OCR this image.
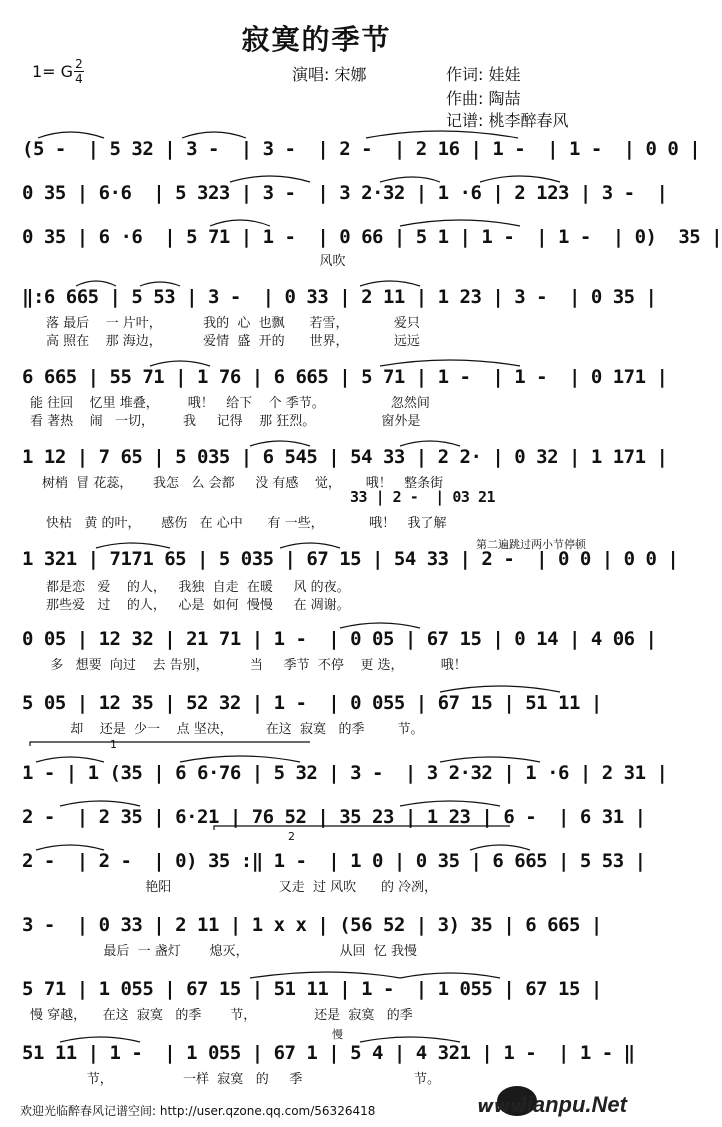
寂寞的季节
1= G 2
4	演唱: 宋娜	作词: 娃娃
作曲: 陶喆
记谱: 桃李醉春风
(5 -  | 5 32 | 3 -  | 3 -  | 2 -  | 2 16 | 1 -  | 1 -  | 0 0 |
0 35 | 6·6  | 5 323 | 3 -  | 3 2·32 | 1 ·6 | 2 123 | 3 -  |
0 35 | 6 ·6  | 5 71 | 1 -  | 0 66 | 5 1 | 1 -  | 1 -  | 0)  35 |
风吹
‖:6 665 | 5 53 | 3 -  | 0 33 | 2 11 | 1 23 | 3 -  | 0 35 |
落 最后    一 片叶，          我的  心  也飘      若雪，           爱只
高 照在    那 海边，          爱情  盛  开的      世界，           远远
6 665 | 55 71 | 1 76 | 6 665 | 5 71 | 1 -  | 1 -  | 0 171 |
能 往回    忆里 堆叠，       哦！   给下    个 季节。                忽然间
看 著热    闹   一切，       我     记得    那 狂烈。                窗外是
1 12 | 7 65 | 5 035 | 6 545 | 54 33 | 2 2· | 0 32 | 1 171 |
树梢  冒 花蕊，     我怎   么 会都     没 有感    觉，      哦！   整条街
33 | 2 -  | 03 21
快枯   黄 的叶，     感伤   在 心中      有 一些，           哦！   我了解
第二遍跳过两小节停顿
1 321 | 7171 65 | 5 035 | 67 15 | 54 33 | 2 -  | 0 0 | 0 0 |
都是恋   爱    的人，   我独  自走  在暖     风 的夜。
那些爱   过    的人，   心是  如何  慢慢     在 凋谢。
0 05 | 12 32 | 21 71 | 1 -  | 0 05 | 67 15 | 0 14 | 4 06 |
多   想要  向过    去 告别，          当     季节  不停    更 迭，         哦！
5 05 | 12 35 | 52 32 | 1 -  | 0 055 | 67 15 | 51 11 |
却    还是  少一    点 坚决，        在这  寂寞   的季        节。
1 - | 1 (35 | 6 6·76 | 5 32 | 3 -  | 3 2·32 | 1 ·6 | 2 31 |
1
2 -  | 2 35 | 6·21 | 76 52 | 35 23 | 1 23 | 6 -  | 6 31 |
2 -  | 2 -  | 0) 35 :‖ 1 -  | 1 0 | 0 35 | 6 665 | 5 53 |
2
艳阳                          又走  过 风吹      的 冷冽，
3 -  | 0 33 | 2 11 | 1 x x | (56 52 | 3) 35 | 6 665 |
最后  一 盏灯       熄灭，                      从回  忆 我慢
5 71 | 1 055 | 67 15 | 51 11 | 1 -  | 1 055 | 67 15 |
慢 穿越，    在这  寂寞   的季       节，              还是  寂寞   的季
慢
51 11 | 1 -  | 1 055 | 67 1 | 5 4 | 4 321 | 1 -  | 1 - ‖
节，                 一样  寂寞   的     季                           节。
欢迎光临醉春风记谱空间: http://user.qzone.qq.com/56326418	www
Jianpu.Net
